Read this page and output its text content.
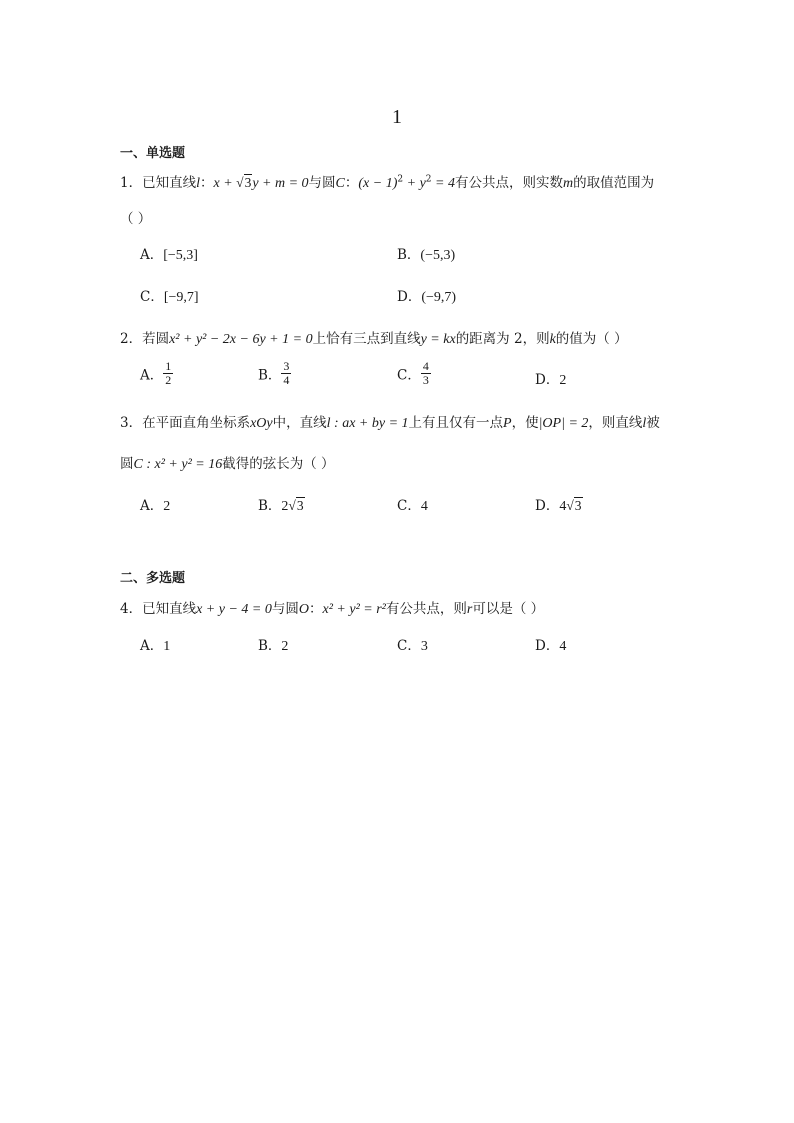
1
一、单选题
1．已知直线l：x + √3y + m = 0与圆C：$(x - 1)^2 + y^2 = 4$有公共点，则实数m的取值范围为
（ ）
A．[−5,3]	B．(−5,3)
C．[−9,7]	D．(−9,7)
2．若圆x² + y² − 2x − 6y + 1 = 0上恰有三点到直线y = kx的距离为 2，则k的值为（ ）
A． $\frac{1}{2}$	B． $\frac{3}{4}$	C． $\frac{4}{3}$	D．2
3．在平面直角坐标系xOy中，直线l : ax + by = 1上有且仅有一点P，使|OP| = 2，则直线l被
圆C : x² + y² = 16截得的弦长为（ ）
A．2	B．2√3	C．4	D．4√3
二、多选题
4．已知直线x + y − 4 = 0与圆O：x² + y² = r²有公共点，则r可以是（ ）
A．1	B．2	C．3	D．4
